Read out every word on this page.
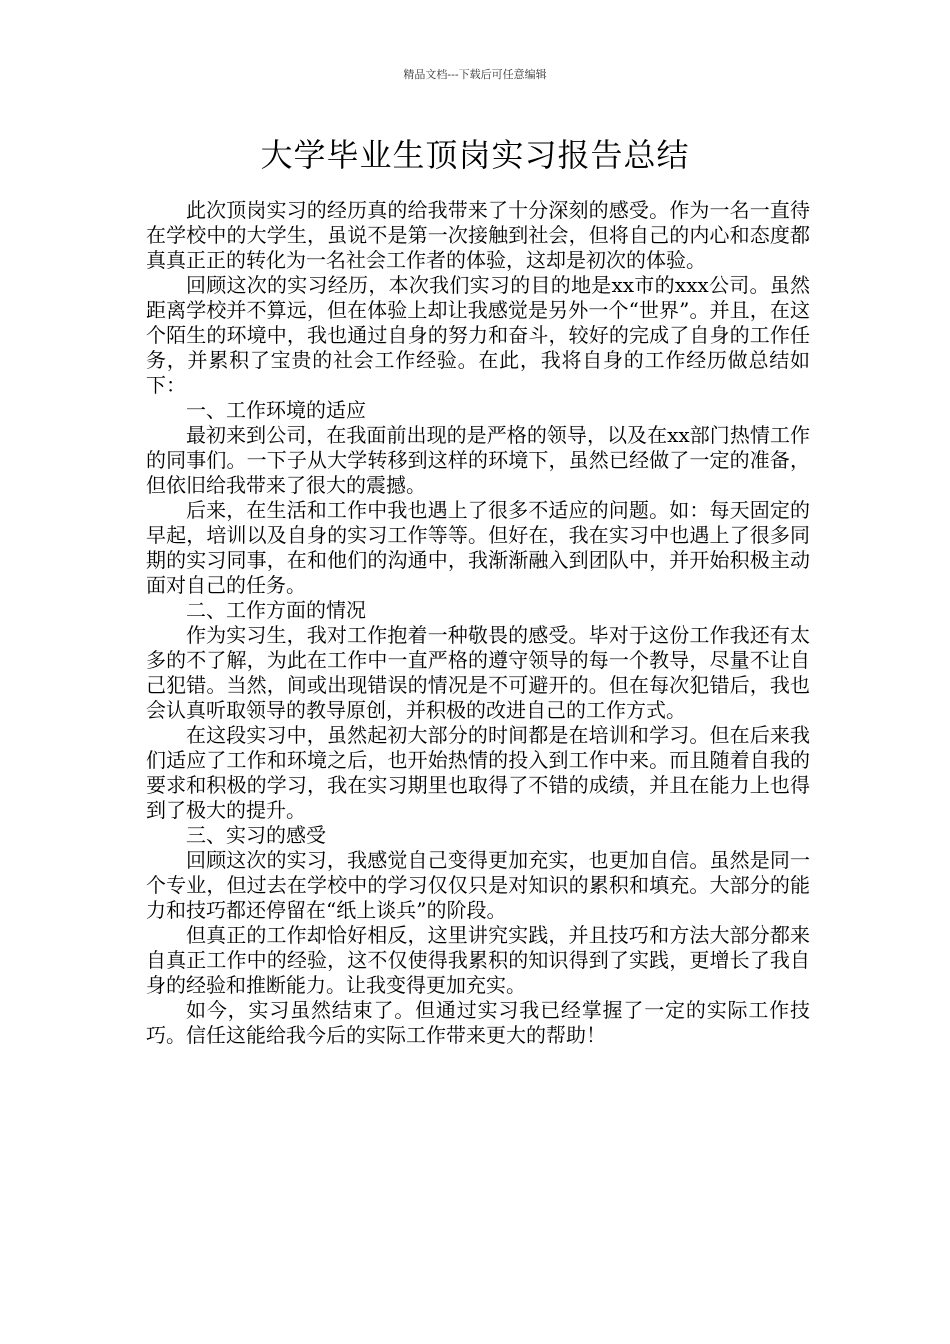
精品文档---下载后可任意编辑
大学毕业生顶岗实习报告总结

此次顶岗实习的经历真的给我带来了十分深刻的感受。作为一名一直待在学校中的大学生，虽说不是第一次接触到社会，但将自己的内心和态度都真真正正的转化为一名社会工作者的体验，这却是初次的体验。

回顾这次的实习经历，本次我们实习的目的地是xx市的xxx公司。虽然距离学校并不算远，但在体验上却让我感觉是另外一个“世界”。并且，在这个陌生的环境中，我也通过自身的努力和奋斗，较好的完成了自身的工作任务，并累积了宝贵的社会工作经验。在此，我将自身的工作经历做总结如下：

一、工作环境的适应

最初来到公司，在我面前出现的是严格的领导，以及在xx部门热情工作的同事们。一下子从大学转移到这样的环境下，虽然已经做了一定的准备，但依旧给我带来了很大的震撼。

后来，在生活和工作中我也遇上了很多不适应的问题。如：每天固定的早起，培训以及自身的实习工作等等。但好在，我在实习中也遇上了很多同期的实习同事，在和他们的沟通中，我渐渐融入到团队中，并开始积极主动面对自己的任务。

二、工作方面的情况

作为实习生，我对工作抱着一种敬畏的感受。毕对于这份工作我还有太多的不了解，为此在工作中一直严格的遵守领导的每一个教导，尽量不让自己犯错。当然，间或出现错误的情况是不可避开的。但在每次犯错后，我也会认真听取领导的教导原创，并积极的改进自己的工作方式。

在这段实习中，虽然起初大部分的时间都是在培训和学习。但在后来我们适应了工作和环境之后，也开始热情的投入到工作中来。而且随着自我的要求和积极的学习，我在实习期里也取得了不错的成绩，并且在能力上也得到了极大的提升。

三、实习的感受

回顾这次的实习，我感觉自己变得更加充实，也更加自信。虽然是同一个专业，但过去在学校中的学习仅仅只是对知识的累积和填充。大部分的能力和技巧都还停留在“纸上谈兵”的阶段。

但真正的工作却恰好相反，这里讲究实践，并且技巧和方法大部分都来自真正工作中的经验，这不仅使得我累积的知识得到了实践，更增长了我自身的经验和推断能力。让我变得更加充实。

如今，实习虽然结束了。但通过实习我已经掌握了一定的实际工作技巧。信任这能给我今后的实际工作带来更大的帮助！
